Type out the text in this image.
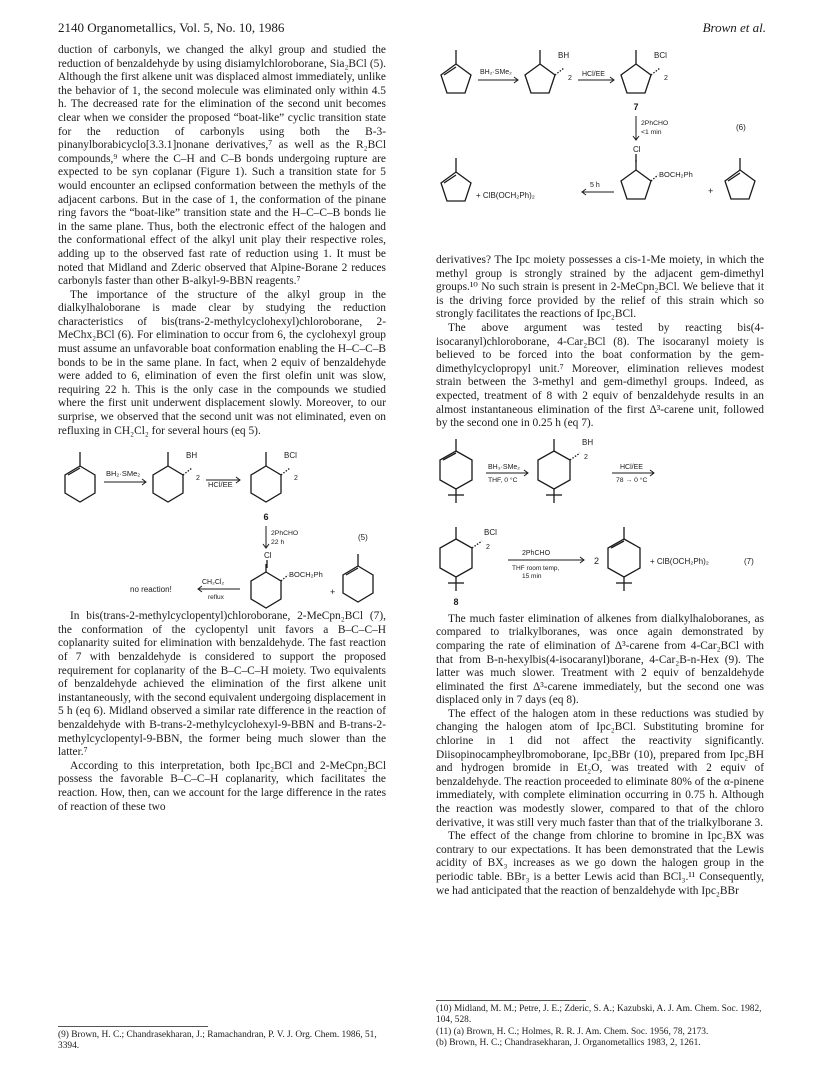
2140 Organometallics, Vol. 5, No. 10, 1986	Brown et al.

duction of carbonyls, we changed the alkyl group and studied the reduction of benzaldehyde by using disiamylchloroborane, Sia₂BCl (5). Although the first alkene unit was displaced almost immediately, unlike the behavior of 1, the second molecule was eliminated only within 4.5 h. The decreased rate for the elimination of the second unit becomes clear when we consider the proposed “boat-like” cyclic transition state for the reduction of carbonyls using both the B-3-pinanylborabicyclo[3.3.1]nonane derivatives,⁷ as well as the R₂BCl compounds,⁹ where the C–H and C–B bonds undergoing rupture are expected to be syn coplanar (Figure 1). Such a transition state for 5 would encounter an eclipsed conformation between the methyls of the adjacent carbons. But in the case of 1, the conformation of the pinane ring favors the “boat-like” transition state and the H–C–C–B bonds lie in the same plane. Thus, both the electronic effect of the halogen and the conformational effect of the alkyl unit play their respective roles, adding up to the observed fast rate of reduction using 1. It must be noted that Midland and Zderic observed that Alpine-Borane 2 reduces carbonyls faster than other B-alkyl-9-BBN reagents.⁷

The importance of the structure of the alkyl group in the dialkylhaloborane is made clear by studying the reduction characteristics of bis(trans-2-methylcyclohexyl)chloroborane, 2-MeChx₂BCl (6). For elimination to occur from 6, the cyclohexyl group must assume an unfavorable boat conformation enabling the H–C–C–B bonds to be in the same plane. In fact, when 2 equiv of benzaldehyde were added to 6, elimination of even the first olefin unit was slow, requiring 22 h. This is the only case in the compounds we studied where the first unit underwent displacement slowly. Moreover, to our surprise, we observed that the second unit was not eliminated, even on refluxing in CH₂Cl₂ for several hours (eq 5).

BH₂·SMe₂
BH
2
HCl/EE
BCl
2
6
2PhCHO
22 h
(5)
Cl
BOCH₂Ph
+
CH₂Cl₂
reflux
no reaction!

In bis(trans-2-methylcyclopentyl)chloroborane, 2-MeCpn₂BCl (7), the conformation of the cyclopentyl unit favors a B–C–C–H coplanarity suited for elimination with benzaldehyde. The fast reaction of 7 with benzaldehyde is considered to support the proposed requirement for coplanarity of the B–C–C–H moiety. Two equivalents of benzaldehyde achieved the elimination of the first alkene unit instantaneously, with the second equivalent undergoing displacement in 5 h (eq 6). Midland observed a similar rate difference in the reaction of benzaldehyde with B-trans-2-methylcyclohexyl-9-BBN and B-trans-2-methylcyclopentyl-9-BBN, the former being much slower than the latter.⁷

According to this interpretation, both Ipc₂BCl and 2-MeCpn₂BCl possess the favorable B–C–C–H coplanarity, which facilitates the reaction. How, then, can we account for the large difference in the rates of reaction of these two

(9) Brown, H. C.; Chandrasekharan, J.; Ramachandran, P. V. J. Org. Chem. 1986, 51, 3394.

BH₂·SMe₂
BH
2
HCl/EE
BCl
2
7
2PhCHO
<1 min
(6)
Cl
BOCH₂Ph
+
5 h
+ ClB(OCH₂Ph)₂

derivatives? The Ipc moiety possesses a cis-1-Me moiety, in which the methyl group is strongly strained by the adjacent gem-dimethyl groups.¹⁰ No such strain is present in 2-MeCpn₂BCl. We believe that it is the driving force provided by the relief of this strain which so strongly facilitates the reactions of Ipc₂BCl.

The above argument was tested by reacting bis(4-isocaranyl)chloroborane, 4-Car₂BCl (8). The isocaranyl moiety is believed to be forced into the boat conformation by the gem-dimethylcyclopropyl unit.⁷ Moreover, elimination relieves modest strain between the 3-methyl and gem-dimethyl groups. Indeed, as expected, treatment of 8 with 2 equiv of benzaldehyde results in an almost instantaneous elimination of the first Δ³-carene unit, followed by the second one in 0.25 h (eq 7).

BH₃·SMe₂
THF, 0 °C
BH
2
HCl/EE
78 → 0 °C
BCl
2
8
2PhCHO
THF room temp,
15 min
2	+ ClB(OCH₂Ph)₂	(7)

The much faster elimination of alkenes from dialkylhaloboranes, as compared to trialkylboranes, was once again demonstrated by comparing the rate of elimination of Δ³-carene from 4-Car₂BCl with that from B-n-hexylbis(4-isocaranyl)borane, 4-Car₂B-n-Hex (9). The latter was much slower. Treatment with 2 equiv of benzaldehyde eliminated the first Δ³-carene immediately, but the second one was displaced only in 7 days (eq 8).

The effect of the halogen atom in these reductions was studied by changing the halogen atom of Ipc₂BCl. Substituting bromine for chlorine in 1 did not affect the reactivity significantly. Diisopinocampheylbromoborane, Ipc₂BBr (10), prepared from Ipc₂BH and hydrogen bromide in Et₂O, was treated with 2 equiv of benzaldehyde. The reaction proceeded to eliminate 80% of the α-pinene immediately, with complete elimination occurring in 0.75 h. Although the reaction was modestly slower, compared to that of the chloro derivative, it was still very much faster than that of the trialkylborane 3.

The effect of the change from chlorine to bromine in Ipc₂BX was contrary to our expectations. It has been demonstrated that the Lewis acidity of BX₃ increases as we go down the halogen group in the periodic table. BBr₃ is a better Lewis acid than BCl₃.¹¹ Consequently, we had anticipated that the reaction of benzaldehyde with Ipc₂BBr

(10) Midland, M. M.; Petre, J. E.; Zderic, S. A.; Kazubski, A. J. Am. Chem. Soc. 1982, 104, 528.

(11) (a) Brown, H. C.; Holmes, R. R. J. Am. Chem. Soc. 1956, 78, 2173.

(b) Brown, H. C.; Chandrasekharan, J. Organometallics 1983, 2, 1261.
